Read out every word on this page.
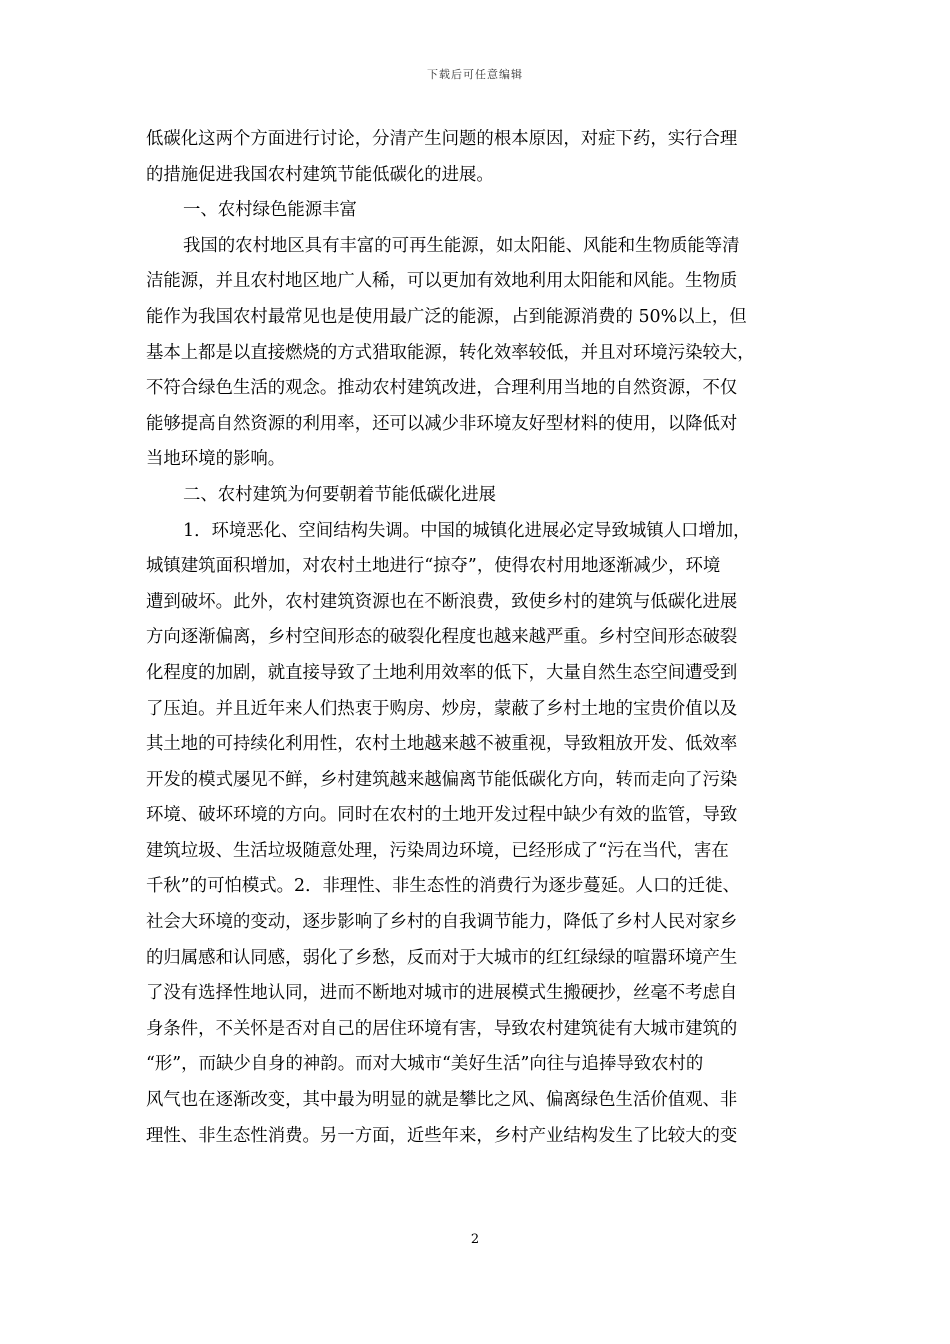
下载后可任意编辑
低碳化这两个方面进行讨论，分清产生问题的根本原因，对症下药，实行合理
的措施促进我国农村建筑节能低碳化的进展。
一、农村绿色能源丰富
我国的农村地区具有丰富的可再生能源，如太阳能、风能和生物质能等清
洁能源，并且农村地区地广人稀，可以更加有效地利用太阳能和风能。生物质
能作为我国农村最常见也是使用最广泛的能源，占到能源消费的 50%以上，但
基本上都是以直接燃烧的方式猎取能源，转化效率较低，并且对环境污染较大，
不符合绿色生活的观念。推动农村建筑改进，合理利用当地的自然资源，不仅
能够提高自然资源的利用率，还可以减少非环境友好型材料的使用，以降低对
当地环境的影响。
二、农村建筑为何要朝着节能低碳化进展
1．环境恶化、空间结构失调。中国的城镇化进展必定导致城镇人口增加，
城镇建筑面积增加，对农村土地进行“掠夺”，使得农村用地逐渐减少，环境
遭到破坏。此外，农村建筑资源也在不断浪费，致使乡村的建筑与低碳化进展
方向逐渐偏离，乡村空间形态的破裂化程度也越来越严重。乡村空间形态破裂
化程度的加剧，就直接导致了土地利用效率的低下，大量自然生态空间遭受到
了压迫。并且近年来人们热衷于购房、炒房，蒙蔽了乡村土地的宝贵价值以及
其土地的可持续化利用性，农村土地越来越不被重视，导致粗放开发、低效率
开发的模式屡见不鲜，乡村建筑越来越偏离节能低碳化方向，转而走向了污染
环境、破坏环境的方向。同时在农村的土地开发过程中缺少有效的监管，导致
建筑垃圾、生活垃圾随意处理，污染周边环境，已经形成了“污在当代，害在
千秋”的可怕模式。2．非理性、非生态性的消费行为逐步蔓延。人口的迁徙、
社会大环境的变动，逐步影响了乡村的自我调节能力，降低了乡村人民对家乡
的归属感和认同感，弱化了乡愁，反而对于大城市的红红绿绿的喧嚣环境产生
了没有选择性地认同，进而不断地对城市的进展模式生搬硬抄，丝毫不考虑自
身条件，不关怀是否对自己的居住环境有害，导致农村建筑徒有大城市建筑的
“形”，而缺少自身的神韵。而对大城市“美好生活”向往与追捧导致农村的
风气也在逐渐改变，其中最为明显的就是攀比之风、偏离绿色生活价值观、非
理性、非生态性消费。另一方面，近些年来，乡村产业结构发生了比较大的变
2
